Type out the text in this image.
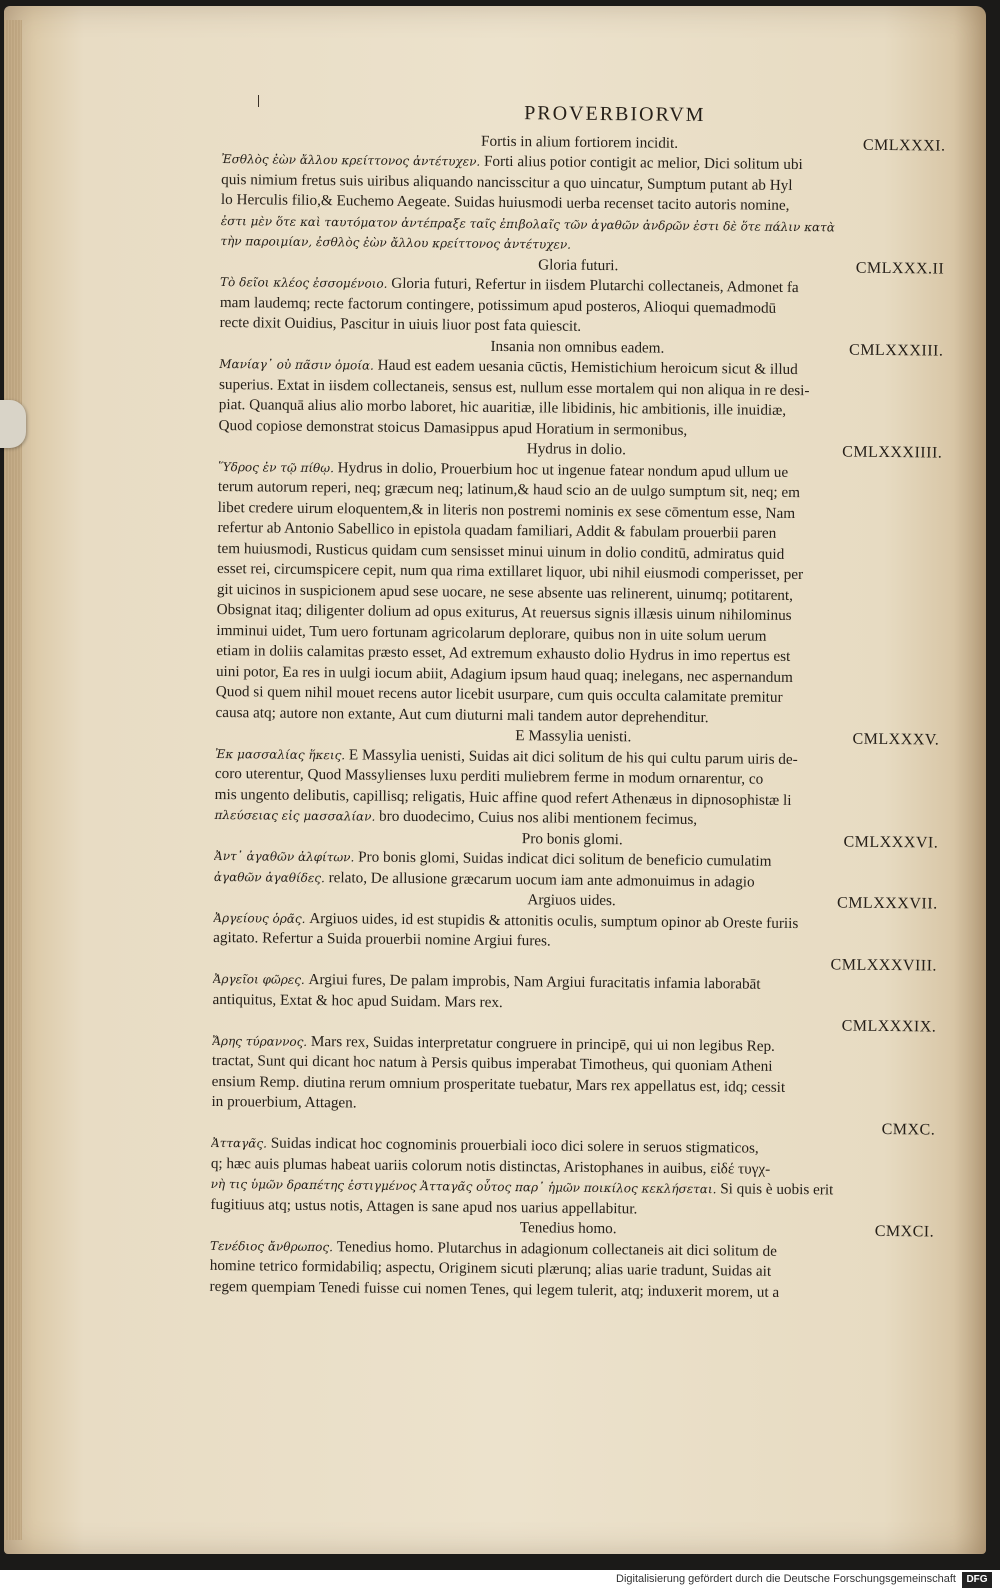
PROVERBIORVM
Fortis in alium fortiorem incidit.	CMLXXXI.
Ἐσθλὸς ἐὼν ἄλλου κρείττονος ἀντέτυχεν. Forti alius potior contigit ac melior, Dici solitum ubi
quis nimium fretus suis uiribus aliquando nancisscitur a quo uincatur, Sumptum putant ab Hyl
lo Herculis filio,& Euchemo Aegeate. Suidas huiusmodi uerba recenset tacito autoris nomine,
ἐστι μὲν ὅτε καὶ ταυτόματον ἀντέπραξε ταῖς ἐπιβολαῖς τῶν ἀγαθῶν ἀνδρῶν ἐστι δὲ ὅτε πάλιν κατὰ
τὴν παροιμίαν, ἐσθλὸς ἐὼν ἄλλου κρείττονος ἀντέτυχεν.
Gloria futuri.	CMLXXX.II
Τὸ δεῖοι κλέος ἐσσομένοιο. Gloria futuri, Refertur in iisdem Plutarchi collectaneis, Admonet fa
mam laudemq; recte factorum contingere, potissimum apud posteros, Alioqui quemadmodū
recte dixit Ouidius, Pascitur in uiuis liuor post fata quiescit.
Insania non omnibus eadem.	CMLXXXIII.
Μανίαγ᾽ οὐ πᾶσιν ὁμοία. Haud est eadem uesania cūctis, Hemistichium heroicum sicut & illud
superius. Extat in iisdem collectaneis, sensus est, nullum esse mortalem qui non aliqua in re desi-
piat. Quanquā alius alio morbo laboret, hic auaritiæ, ille libidinis, hic ambitionis, ille inuidiæ,
Quod copiose demonstrat stoicus Damasippus apud Horatium in sermonibus,
Hydrus in dolio.	CMLXXXIIII.
Ὕδρος ἐν τῷ πίθῳ. Hydrus in dolio, Prouerbium hoc ut ingenue fatear nondum apud ullum ue
terum autorum reperi, neq; græcum neq; latinum,& haud scio an de uulgo sumptum sit, neq; em
libet credere uirum eloquentem,& in literis non postremi nominis ex sese cōmentum esse, Nam
refertur ab Antonio Sabellico in epistola quadam familiari, Addit & fabulam prouerbii paren
tem huiusmodi, Rusticus quidam cum sensisset minui uinum in dolio conditū, admiratus quid
esset rei, circumspicere cepit, num qua rima extillaret liquor, ubi nihil eiusmodi comperisset, per
git uicinos in suspicionem apud sese uocare, ne sese absente uas relinerent, uinumq; potitarent,
Obsignat itaq; diligenter dolium ad opus exiturus, At reuersus signis illæsis uinum nihilominus
imminui uidet, Tum uero fortunam agricolarum deplorare, quibus non in uite solum uerum
etiam in doliis calamitas præsto esset, Ad extremum exhausto dolio Hydrus in imo repertus est
uini potor, Ea res in uulgi iocum abiit, Adagium ipsum haud quaq; inelegans, nec aspernandum
Quod si quem nihil mouet recens autor licebit usurpare, cum quis occulta calamitate premitur
causa atq; autore non extante, Aut cum diuturni mali tandem autor deprehenditur.
E Massylia uenisti.	CMLXXXV.
Ἐκ μασσαλίας ἥκεις. E Massylia uenisti, Suidas ait dici solitum de his qui cultu parum uiris de-
coro uterentur, Quod Massylienses luxu perditi muliebrem ferme in modum ornarentur, co
mis ungento delibutis, capillisq; religatis, Huic affine quod refert Athenæus in dipnosophistæ li
πλεύσειας εἰς μασσαλίαν. bro duodecimo, Cuius nos alibi mentionem fecimus,
Pro bonis glomi.	CMLXXXVI.
Ἀντ᾽ ἀγαθῶν ἀλφίτων. Pro bonis glomi, Suidas indicat dici solitum de beneficio cumulatim
ἀγαθῶν ἀγαθίδες. relato, De allusione græcarum uocum iam ante admonuimus in adagio
Argiuos uides.	CMLXXXVII.
Ἀργείους ὁρᾶς. Argiuos uides, id est stupidis & attonitis oculis, sumptum opinor ab Oreste furiis
agitato. Refertur a Suida prouerbii nomine Argiui fures.
CMLXXXVIII.
Ἀργεῖοι φῶρες. Argiui fures, De palam improbis, Nam Argiui furacitatis infamia laborabāt
antiquitus, Extat & hoc apud Suidam. Mars rex.
CMLXXXIX.
Ἄρης τύραννος. Mars rex, Suidas interpretatur congruere in principē, qui ui non legibus Rep.
tractat, Sunt qui dicant hoc natum à Persis quibus imperabat Timotheus, qui quoniam Atheni
ensium Remp. diutina rerum omnium prosperitate tuebatur, Mars rex appellatus est, idq; cessit
in prouerbium, Attagen.
CMXC.
Ἀτταγᾶς. Suidas indicat hoc cognominis prouerbiali ioco dici solere in seruos stigmaticos,
q; hæc auis plumas habeat uariis colorum notis distinctas, Aristophanes in auibus, εἰδέ τυγχ-
νὴ τις ὑμῶν δραπέτης ἐστιγμένος Ἀτταγᾶς οὗτος παρ᾽ ἡμῶν ποικίλος κεκλήσεται. Si quis è uobis erit
fugitiuus atq; ustus notis, Attagen is sane apud nos uarius appellabitur.
Tenedius homo.	CMXCI.
Τενέδιος ἄνθρωπος. Tenedius homo. Plutarchus in adagionum collectaneis ait dici solitum de
homine tetrico formidabiliq; aspectu, Originem sicuti plærunq; alias uarie tradunt, Suidas ait
regem quempiam Tenedi fuisse cui nomen Tenes, qui legem tulerit, atq; induxerit morem, ut a
Digitalisierung gefördert durch die Deutsche Forschungsgemeinschaft	DFG
